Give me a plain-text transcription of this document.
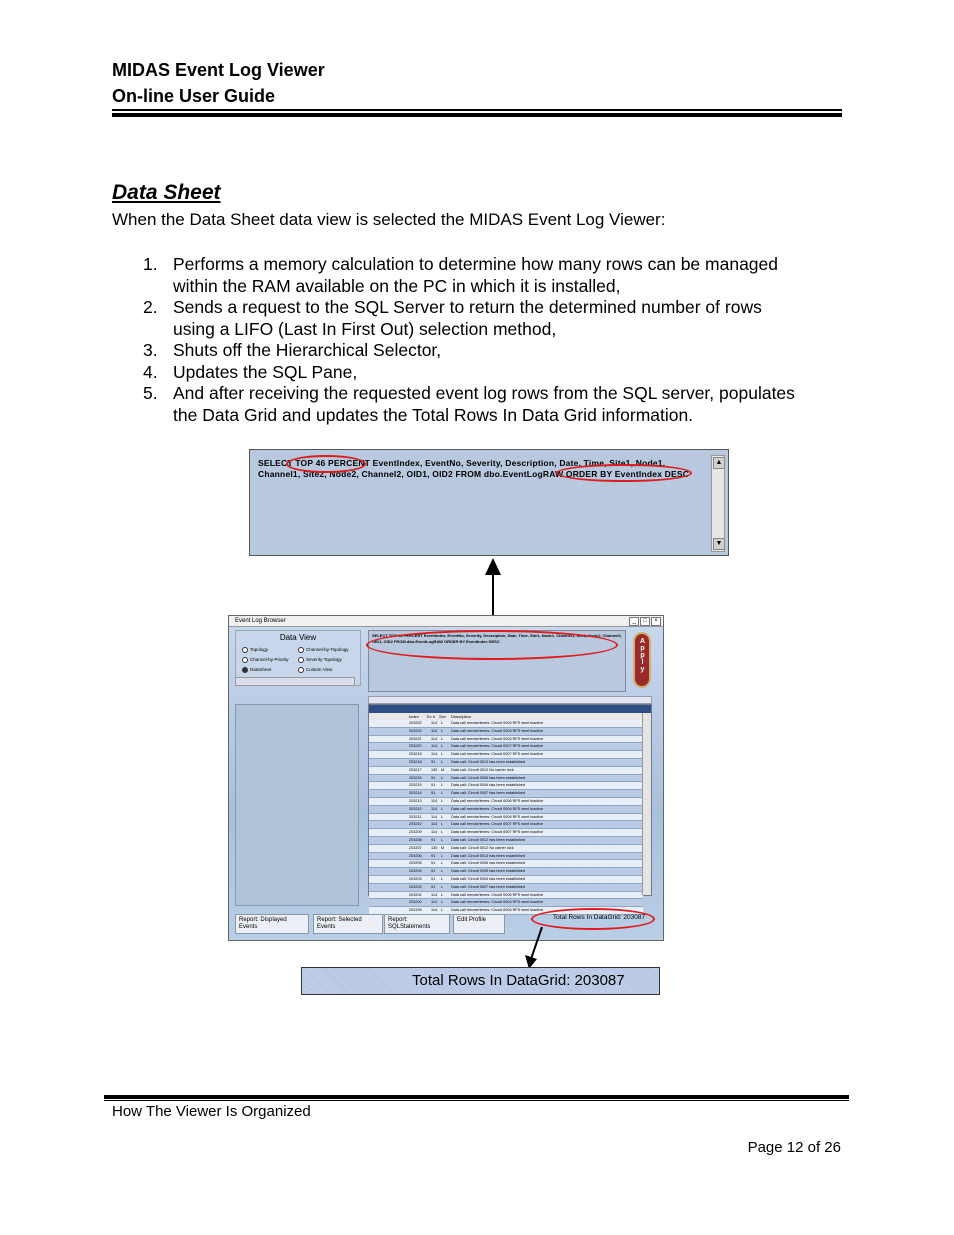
MIDAS Event Log Viewer
On-line User Guide
Data Sheet
When the Data Sheet data view is selected the MIDAS Event Log Viewer:
1. Performs a memory calculation to determine how many rows can be managed
within the RAM available on the PC in which it is installed,
2. Sends a request to the SQL Server to return the determined number of rows
using a LIFO (Last In First Out) selection method,
3. Shuts off the Hierarchical Selector,
4. Updates the SQL Pane,
5. And after receiving the requested event log rows from the SQL server, populates
the Data Grid and updates the Total Rows In Data Grid information.
SELECT TOP 46 PERCENT EventIndex, EventNo, Severity, Description, Date, Time, Site1, Node1,
Channel1, Site2, Node2, Channel2, OID1, OID2 FROM dbo.EventLogRAW ORDER BY EventIndex DESC
▲
▼
Event Log Browser	_ □ ×
Data View
Topology	Channel-by-Topology
Channel-by-Priority	Severity-Topology
DataSheet	Custom View
SELECT TOP 46 PERCENT EventIndex, EventNo, Severity, Description, Date, Time, Site1, Node1, Channel1, Site2, Node2, Channel2, OID1, OID2 FROM dbo.EventLogRAW ORDER BY EventIndex DESC	Apply
Index Ev # Sev Description
203222 114 L Data call remote/terms: Circuit 0004 RFS went inactive
203222 114 L Data call remote/terms: Circuit 0004 RFS went inactive
203221 114 L Data call remote/terms: Circuit 0004 RFS went inactive
203220 114 L Data call remote/terms: Circuit 0007 RFS went inactive
203219 114 L Data call remote/terms: Circuit 0007 RFS went inactive
203218 91 L Data call: Circuit 0012 has been established
203217 130 M Data call: Circuit 0012 No carrier lock
203216 91 L Data call: Circuit 0006 has been established
203215 91 L Data call: Circuit 0004 has been established
203214 91 L Data call: Circuit 0007 has been established
203213 114 L Data call remote/terms: Circuit 0006 RFS went inactive
203212 114 L Data call remote/terms: Circuit 0004 RFS went inactive
203211	114 L Data call remote/terms: Circuit 0004 RFS went inactive
203210 114 L Data call remote/terms: Circuit 0007 RFS went inactive
203209 114 L Data call remote/terms: Circuit 0007 RFS went inactive
203208 91 L Data call: Circuit 0012 has been established
203207 130 M Data call: Circuit 0012 No carrier lock
203206 91 L Data call: Circuit 0013 has been established
203205 91 L Data call: Circuit 0006 has been established
203204 91 L Data call: Circuit 0005 has been established
203203 91 L Data call: Circuit 0004 has been established
203202 91 L Data call: Circuit 0007 has been established
203201 114 L Data call remote/terms: Circuit 0006 RFS went inactive
203200 114 L Data call remote/terms: Circuit 0004 RFS went inactive
203199 114 L Data call remote/terms: Circuit 0004 RFS went inactive
Report: Displayed Events
Report: Selected Events
Report: SQLStatements
Edit Profile	Total Rows In DataGrid: 203087
Total Rows In DataGrid: 203087
How The Viewer Is Organized
Page 12 of 26
